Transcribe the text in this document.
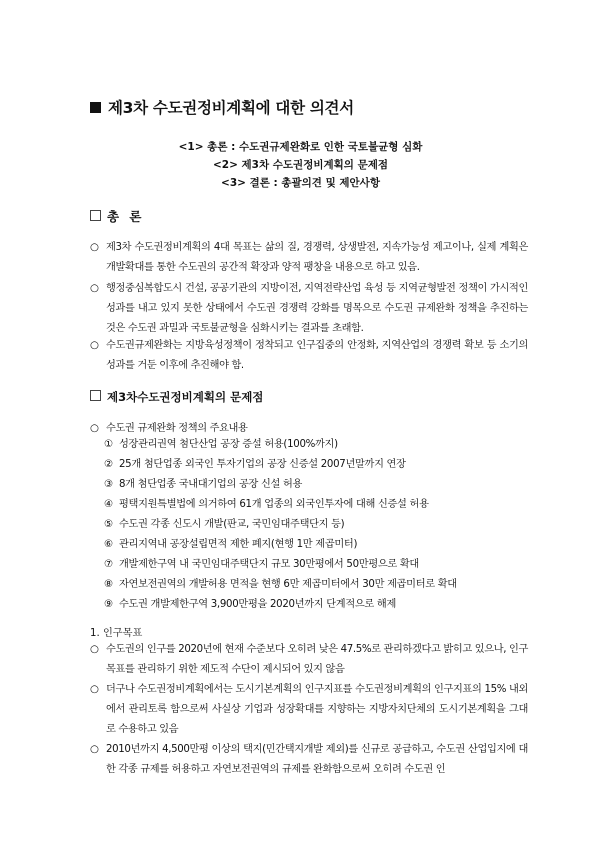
제3차 수도권정비계획에 대한 의견서
<1> 총론 : 수도권규제완화로 인한 국토불균형 심화
<2> 제3차 수도권정비계획의 문제점
<3> 결론 : 총괄의견 및 제안사항
총 론
○ 제3차 수도권정비계획의 4대 목표는 삶의 질, 경쟁력, 상생발전, 지속가능성 제고이나, 실제 계획은 개발확대를 통한 수도권의 공간적 확장과 양적 팽창을 내용으로 하고 있음.
○ 행정중심복합도시 건설, 공공기관의 지방이전, 지역전략산업 육성 등 지역균형발전 정책이 가시적인 성과를 내고 있지 못한 상태에서 수도권 경쟁력 강화를 명목으로 수도권 규제완화 정책을 추진하는 것은 수도권 과밀과 국토불균형을 심화시키는 결과를 초래함.
○ 수도권규제완화는 지방육성정책이 정착되고 인구집중의 안정화, 지역산업의 경쟁력 확보 등 소기의 성과를 거둔 이후에 추진해야 함.
제3차수도권정비계획의 문제점
○ 수도권 규제완화 정책의 주요내용
① 성장관리권역 첨단산업 공장 증설 허용(100%까지)
② 25개 첨단업종 외국인 투자기업의 공장 신증설 2007년말까지 연장
③ 8개 첨단업종 국내대기업의 공장 신설 허용
④ 평택지원특별법에 의거하여 61개 업종의 외국인투자에 대해 신증설 허용
⑤ 수도권 각종 신도시 개발(판교, 국민임대주택단지 등)
⑥ 관리지역내 공장설립면적 제한 폐지(현행 1만 제곱미터)
⑦ 개발제한구역 내 국민임대주택단지 규모 30만평에서 50만평으로 확대
⑧ 자연보전권역의 개발허용 면적을 현행 6만 제곱미터에서 30만 제곱미터로 확대
⑨ 수도권 개발제한구역 3,900만평을 2020년까지 단계적으로 해제
1. 인구목표
○ 수도권의 인구를 2020년에 현재 수준보다 오히려 낮은 47.5%로 관리하겠다고 밝히고 있으나, 인구목표를 관리하기 위한 제도적 수단이 제시되어 있지 않음
○ 더구나 수도권정비계획에서는 도시기본계획의 인구지표를 수도권정비계획의 인구지표의 15% 내외에서 관리토록 함으로써 사실상 기업과 성장확대를 지향하는 지방자치단체의 도시기본계획을 그대로 수용하고 있음
○ 2010년까지 4,500만평 이상의 택지(민간택지개발 제외)를 신규로 공급하고, 수도권 산업입지에 대한 각종 규제를 허용하고 자연보전권역의 규제를 완화함으로써 오히려 수도권 인
